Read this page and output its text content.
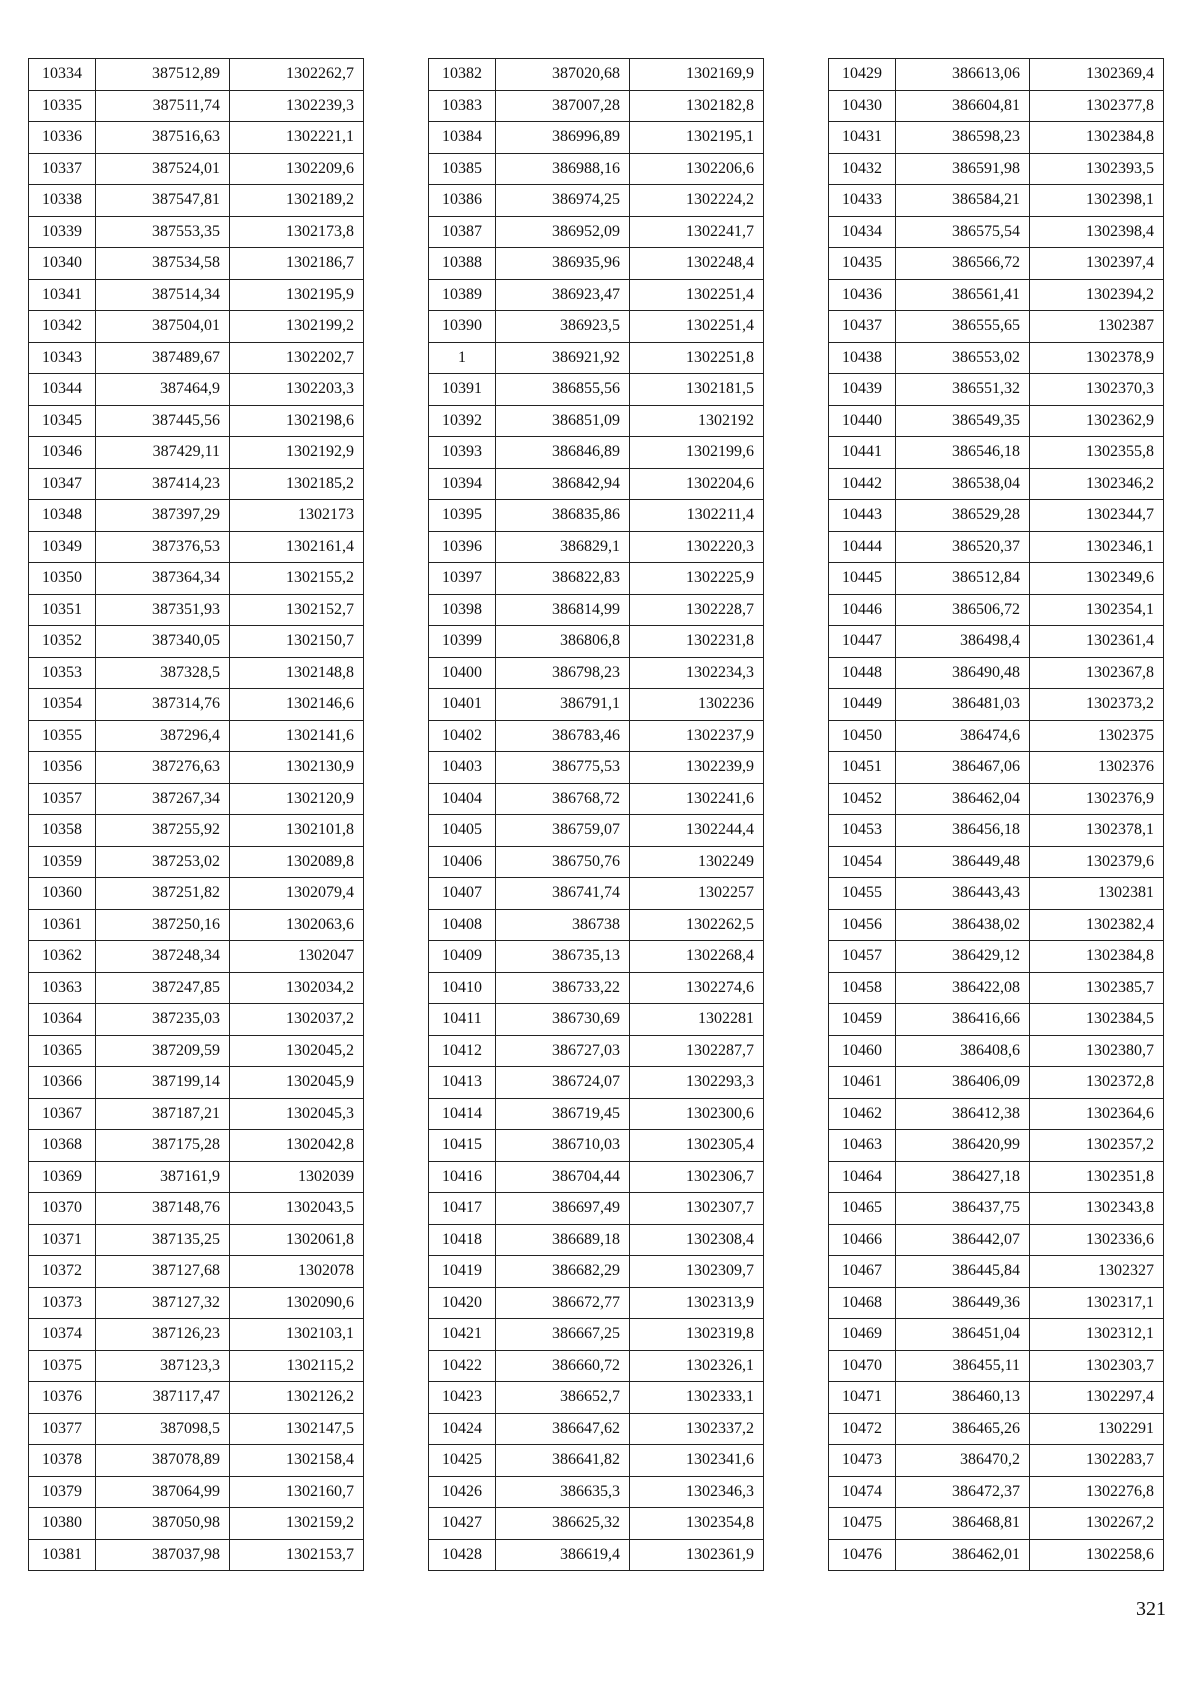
10334	387512,89	1302262,7
10335	387511,74	1302239,3
10336	387516,63	1302221,1
10337	387524,01	1302209,6
10338	387547,81	1302189,2
10339	387553,35	1302173,8
10340	387534,58	1302186,7
10341	387514,34	1302195,9
10342	387504,01	1302199,2
10343	387489,67	1302202,7
10344	387464,9	1302203,3
10345	387445,56	1302198,6
10346	387429,11	1302192,9
10347	387414,23	1302185,2
10348	387397,29	1302173
10349	387376,53	1302161,4
10350	387364,34	1302155,2
10351	387351,93	1302152,7
10352	387340,05	1302150,7
10353	387328,5	1302148,8
10354	387314,76	1302146,6
10355	387296,4	1302141,6
10356	387276,63	1302130,9
10357	387267,34	1302120,9
10358	387255,92	1302101,8
10359	387253,02	1302089,8
10360	387251,82	1302079,4
10361	387250,16	1302063,6
10362	387248,34	1302047
10363	387247,85	1302034,2
10364	387235,03	1302037,2
10365	387209,59	1302045,2
10366	387199,14	1302045,9
10367	387187,21	1302045,3
10368	387175,28	1302042,8
10369	387161,9	1302039
10370	387148,76	1302043,5
10371	387135,25	1302061,8
10372	387127,68	1302078
10373	387127,32	1302090,6
10374	387126,23	1302103,1
10375	387123,3	1302115,2
10376	387117,47	1302126,2
10377	387098,5	1302147,5
10378	387078,89	1302158,4
10379	387064,99	1302160,7
10380	387050,98	1302159,2
10381	387037,98	1302153,7
10382	387020,68	1302169,9
10383	387007,28	1302182,8
10384	386996,89	1302195,1
10385	386988,16	1302206,6
10386	386974,25	1302224,2
10387	386952,09	1302241,7
10388	386935,96	1302248,4
10389	386923,47	1302251,4
10390	386923,5	1302251,4
1	386921,92	1302251,8
10391	386855,56	1302181,5
10392	386851,09	1302192
10393	386846,89	1302199,6
10394	386842,94	1302204,6
10395	386835,86	1302211,4
10396	386829,1	1302220,3
10397	386822,83	1302225,9
10398	386814,99	1302228,7
10399	386806,8	1302231,8
10400	386798,23	1302234,3
10401	386791,1	1302236
10402	386783,46	1302237,9
10403	386775,53	1302239,9
10404	386768,72	1302241,6
10405	386759,07	1302244,4
10406	386750,76	1302249
10407	386741,74	1302257
10408	386738	1302262,5
10409	386735,13	1302268,4
10410	386733,22	1302274,6
10411	386730,69	1302281
10412	386727,03	1302287,7
10413	386724,07	1302293,3
10414	386719,45	1302300,6
10415	386710,03	1302305,4
10416	386704,44	1302306,7
10417	386697,49	1302307,7
10418	386689,18	1302308,4
10419	386682,29	1302309,7
10420	386672,77	1302313,9
10421	386667,25	1302319,8
10422	386660,72	1302326,1
10423	386652,7	1302333,1
10424	386647,62	1302337,2
10425	386641,82	1302341,6
10426	386635,3	1302346,3
10427	386625,32	1302354,8
10428	386619,4	1302361,9
10429	386613,06	1302369,4
10430	386604,81	1302377,8
10431	386598,23	1302384,8
10432	386591,98	1302393,5
10433	386584,21	1302398,1
10434	386575,54	1302398,4
10435	386566,72	1302397,4
10436	386561,41	1302394,2
10437	386555,65	1302387
10438	386553,02	1302378,9
10439	386551,32	1302370,3
10440	386549,35	1302362,9
10441	386546,18	1302355,8
10442	386538,04	1302346,2
10443	386529,28	1302344,7
10444	386520,37	1302346,1
10445	386512,84	1302349,6
10446	386506,72	1302354,1
10447	386498,4	1302361,4
10448	386490,48	1302367,8
10449	386481,03	1302373,2
10450	386474,6	1302375
10451	386467,06	1302376
10452	386462,04	1302376,9
10453	386456,18	1302378,1
10454	386449,48	1302379,6
10455	386443,43	1302381
10456	386438,02	1302382,4
10457	386429,12	1302384,8
10458	386422,08	1302385,7
10459	386416,66	1302384,5
10460	386408,6	1302380,7
10461	386406,09	1302372,8
10462	386412,38	1302364,6
10463	386420,99	1302357,2
10464	386427,18	1302351,8
10465	386437,75	1302343,8
10466	386442,07	1302336,6
10467	386445,84	1302327
10468	386449,36	1302317,1
10469	386451,04	1302312,1
10470	386455,11	1302303,7
10471	386460,13	1302297,4
10472	386465,26	1302291
10473	386470,2	1302283,7
10474	386472,37	1302276,8
10475	386468,81	1302267,2
10476	386462,01	1302258,6
321
